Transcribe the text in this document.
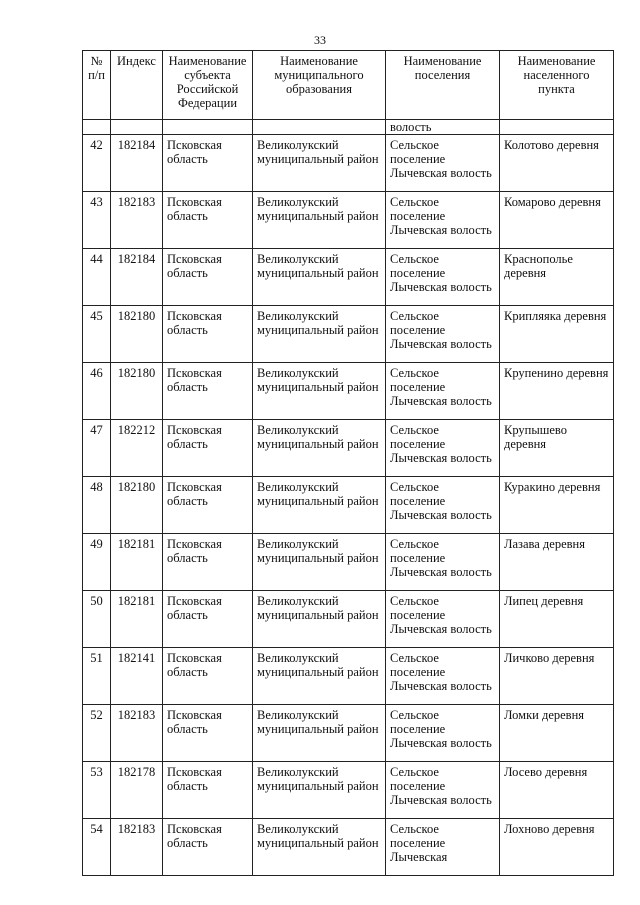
33
№ п/п	Индекс	Наименование субъекта Российской Федерации	Наименование муниципального образования	Наименование поселения	Наименование населенного пункта
				волость	
42	182184	Псковская область	Великолукский муниципальный район	Сельское поселение Лычевская волость	Колотово деревня
43	182183	Псковская область	Великолукский муниципальный район	Сельское поселение Лычевская волость	Комарово деревня
44	182184	Псковская область	Великолукский муниципальный район	Сельское поселение Лычевская волость	Краснополье деревня
45	182180	Псковская область	Великолукский муниципальный район	Сельское поселение Лычевская волость	Крипляяка деревня
46	182180	Псковская область	Великолукский муниципальный район	Сельское поселение Лычевская волость	Крупенино деревня
47	182212	Псковская область	Великолукский муниципальный район	Сельское поселение Лычевская волость	Крупышево деревня
48	182180	Псковская область	Великолукский муниципальный район	Сельское поселение Лычевская волость	Куракино деревня
49	182181	Псковская область	Великолукский муниципальный район	Сельское поселение Лычевская волость	Лазава деревня
50	182181	Псковская область	Великолукский муниципальный район	Сельское поселение Лычевская волость	Липец деревня
51	182141	Псковская область	Великолукский муниципальный район	Сельское поселение Лычевская волость	Личково деревня
52	182183	Псковская область	Великолукский муниципальный район	Сельское поселение Лычевская волость	Ломки деревня
53	182178	Псковская область	Великолукский муниципальный район	Сельское поселение Лычевская волость	Лосево деревня
54	182183	Псковская область	Великолукский муниципальный район	Сельское поселение Лычевская	Лохново деревня
